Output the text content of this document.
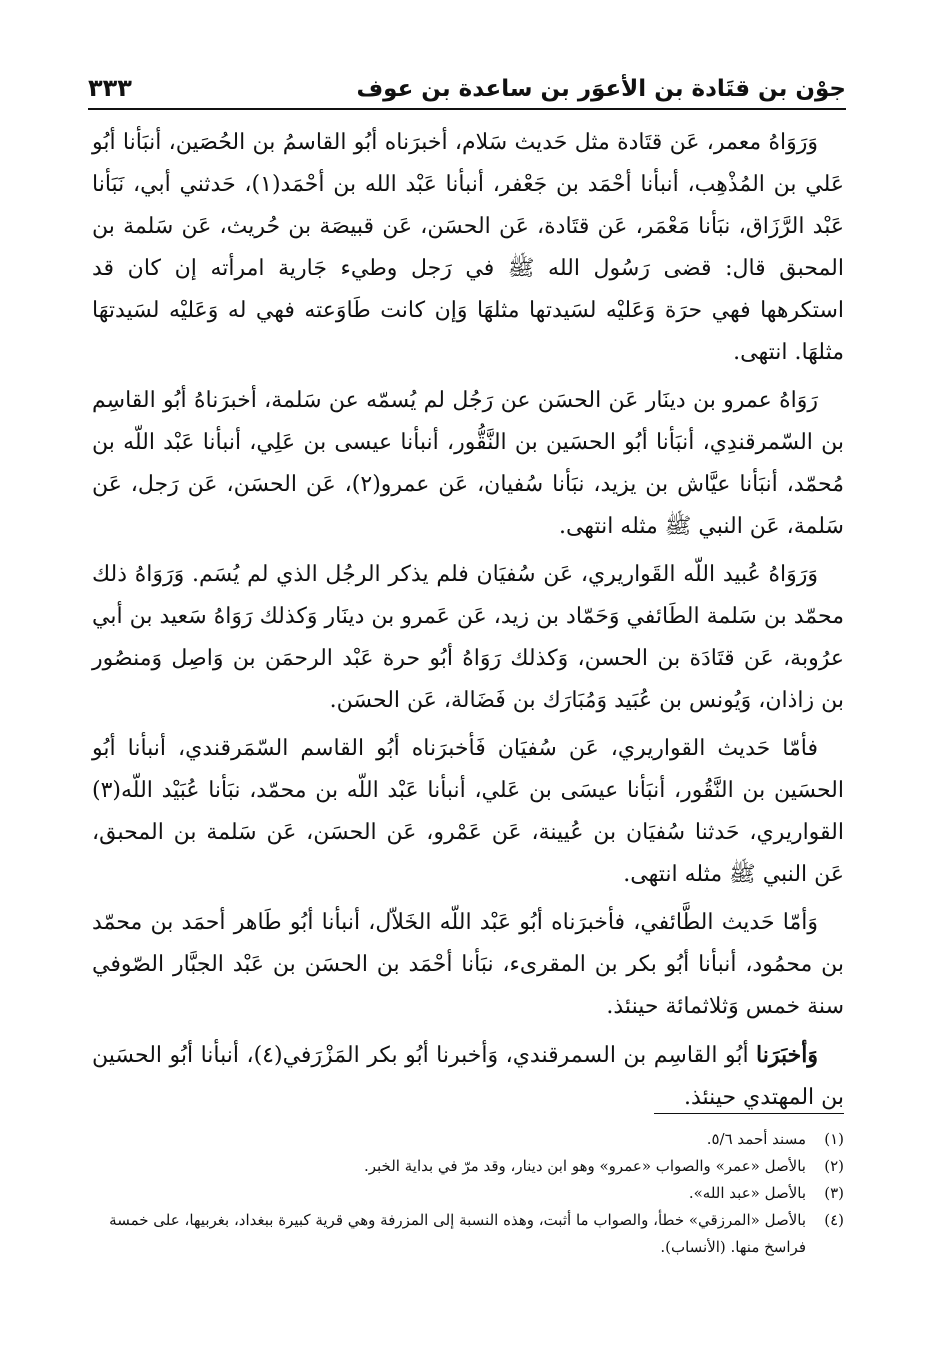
جوْن بن قتَادة بن الأعوَر بن ساعدة بن عوف
٣٣٣

وَرَوَاهُ معمر، عَن قتَادة مثل حَديث سَلام، أخبرَناه أبُو القاسمُ بن الحُصَين، أنبَأنا أبُو عَلي بن المُذْهِب، أنبأنا أحْمَد بن جَعْفر، أنبأنا عَبْد الله بن أحْمَد(١)، حَدثني أبي، نَبَأنا عَبْد الرَّزَاق، نبَأنا مَعْمَر، عَن قتَادة، عَن الحسَن، عَن قبيصَة بن حُريث، عَن سَلمة بن المحبق قال: قضى رَسُول الله ﷺ في رَجل وطيء جَارية امرأته إن كان قد استكرهها فهي حرَة وَعَليْه لسَيدتها مثلهَا وَإن كانت طَاوَعته فهي له وَعَليْه لسَيدتهَا مثلهَا. انتهى.

رَوَاهُ عمرو بن دينَار عَن الحسَن عن رَجُل لم يُسمّه عن سَلمة، أخبرَناهُ أبُو القاسِم بن السّمرقندِي، أنبَأنا أبُو الحسَين بن النَّقُّور، أنبأنا عيسى بن عَلِي، أنبأنا عَبْد اللّه بن مُحمّد، أنبَأنا عيَّاش بن يزيد، نبَأنا سُفيان، عَن عمرو(٢)، عَن الحسَن، عَن رَجل، عَن سَلمة، عَن النبي ﷺ مثله انتهى.

وَرَوَاهُ عُبيد اللّه القَواريري، عَن سُفيَان فلم يذكر الرجُل الذي لم يُسَم. وَرَوَاهُ ذلك محمّد بن سَلمة الطَائفي وَحَمّاد بن زيد، عَن عَمرو بن دينَار وَكذلك رَوَاهُ سَعيد بن أبي عرُوبة، عَن قتَادَة بن الحسن، وَكذلك رَوَاهُ أبُو حرة عَبْد الرحمَن بن وَاصِل وَمنصُور بن زاذان، وَيُونس بن عُبَيد وَمُبَارَك بن فَضَالة، عَن الحسَن.

فأمّا حَديث القواريري، عَن سُفيَان فَأخبرَناه أبُو القاسم السّمَرقندي، أنبأنا أبُو الحسَين بن النَّقُور، أنبَأنا عيسَى بن عَلي، أنبأنا عَبْد اللّه بن محمّد، نبَأنا عُبَيْد اللّه(٣) القواريري، حَدثنا سُفيَان بن عُيينة، عَن عَمْرو، عَن الحسَن، عَن سَلمة بن المحبق، عَن النبي ﷺ مثله انتهى.

وَأمّا حَديث الطَّائفي، فأخبرَناه أبُو عَبْد اللّه الخَلاّل، أنبأنا أبُو طَاهر أحمَد بن محمّد بن محمُود، أنبأنا أبُو بكر بن المقرىء، نبَأنا أحْمَد بن الحسَن بن عَبْد الجبَّار الصّوفي سنة خمس وَثلاثمائة حينئذ.

وَأخبَرَنا أبُو القاسِم بن السمرقندي، وَأخبرنا أبُو بكر المَزْرَفي(٤)، أنبأنا أبُو الحسَين بن المهتدي حينئذ.

(١)
مسند أحمد ٥/٦.
(٢)
بالأصل «عمر» والصواب «عمرو» وهو ابن دينار، وقد مرّ في بداية الخبر.
(٣)
بالأصل «عبد الله».
(٤)
بالأصل «المرزقي» خطأ، والصواب ما أثبت، وهذه النسبة إلى المزرفة وهي قرية كبيرة ببغداد، بغربيها، على خمسة فراسخ منها. (الأنساب).
